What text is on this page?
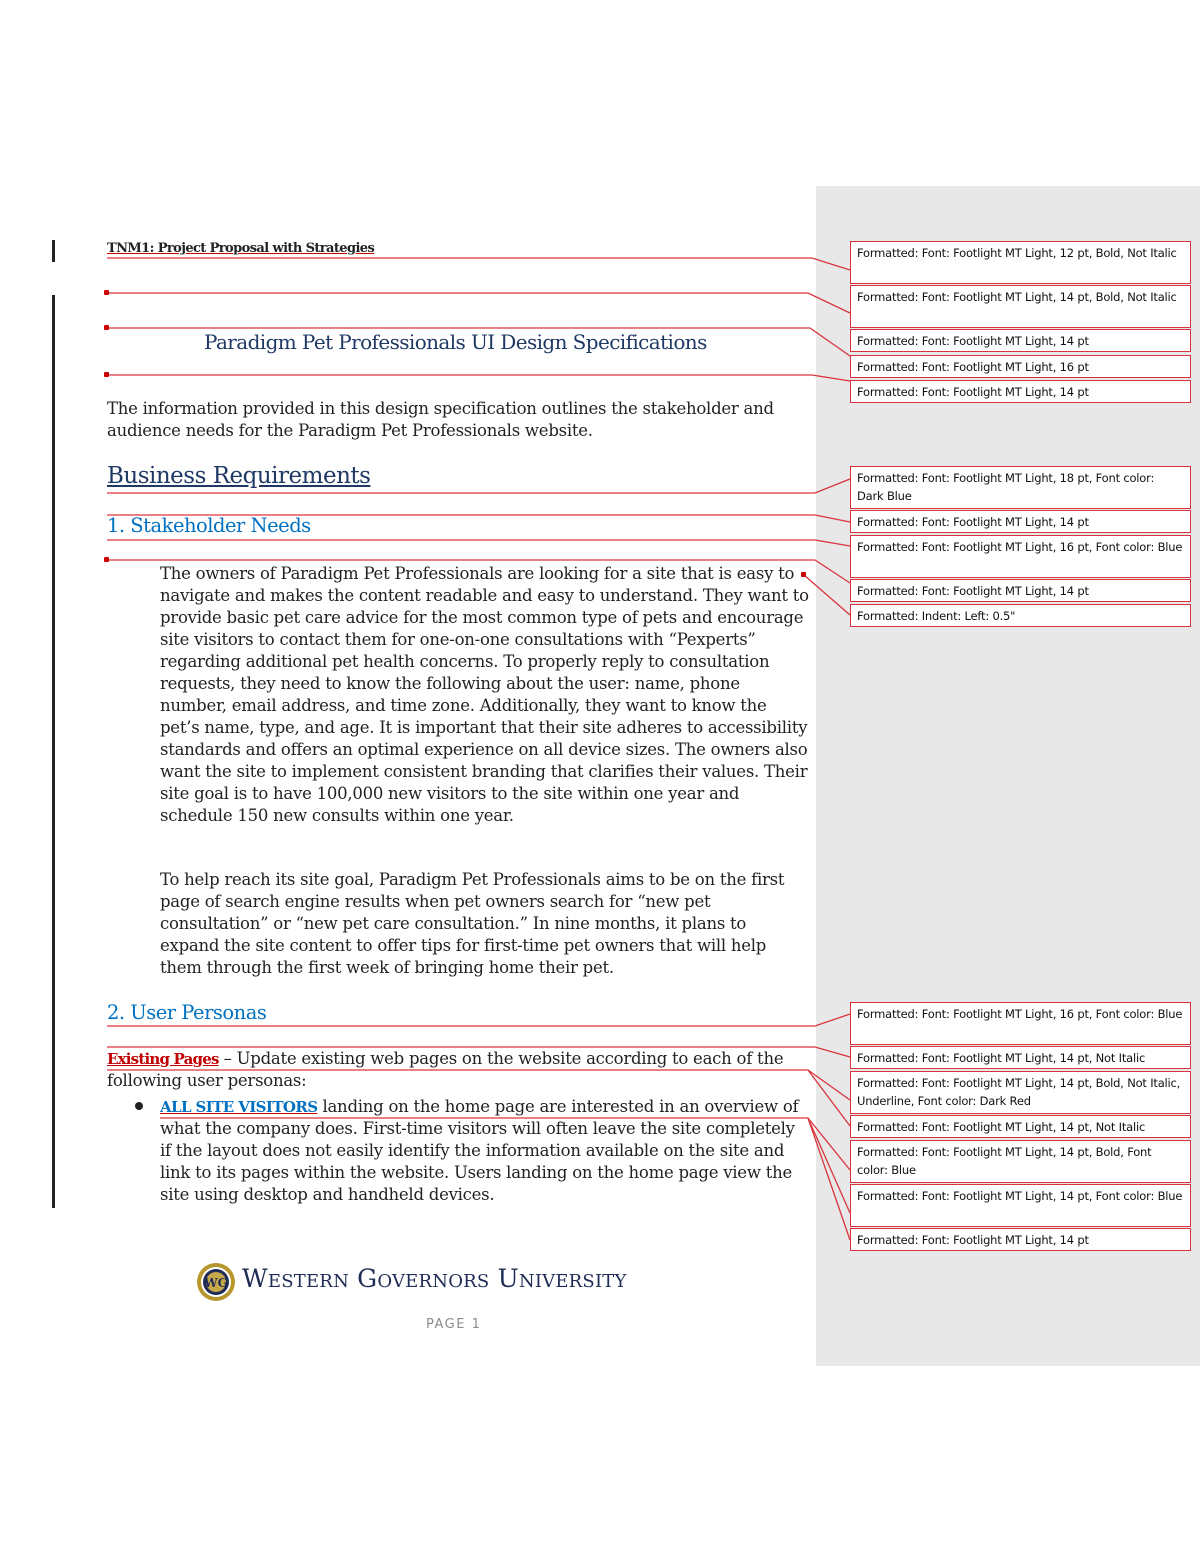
TNM1: Project Proposal with Strategies
Paradigm Pet Professionals UI Design Specifications
The information provided in this design specification outlines the stakeholder and audience needs for the Paradigm Pet Professionals website.
Business Requirements
1. Stakeholder Needs
The owners of Paradigm Pet Professionals are looking for a site that is easy to navigate and makes the content readable and easy to understand. They want to provide basic pet care advice for the most common type of pets and encourage site visitors to contact them for one-on-one consultations with “Pexperts” regarding additional pet health concerns. To properly reply to consultation requests, they need to know the following about the user: name, phone number, email address, and time zone. Additionally, they want to know the pet’s name, type, and age. It is important that their site adheres to accessibility standards and offers an optimal experience on all device sizes. The owners also want the site to implement consistent branding that clarifies their values. Their site goal is to have 100,000 new visitors to the site within one year and schedule 150 new consults within one year.
To help reach its site goal, Paradigm Pet Professionals aims to be on the first page of search engine results when pet owners search for “new pet consultation” or “new pet care consultation.” In nine months, it plans to expand the site content to offer tips for first-time pet owners that will help them through the first week of bringing home their pet.
2. User Personas
Existing Pages – Update existing web pages on the website according to each of the following user personas:
ALL SITE VISITORS landing on the home page are interested in an overview of what the company does. First-time visitors will often leave the site completely if the layout does not easily identify the information available on the site and link to its pages within the website. Users landing on the home page view the site using desktop and handheld devices.
Formatted: Font: Footlight MT Light, 12 pt, Bold, Not Italic
Formatted: Font: Footlight MT Light, 14 pt, Bold, Not Italic
Formatted: Font: Footlight MT Light, 14 pt
Formatted: Font: Footlight MT Light, 16 pt
Formatted: Font: Footlight MT Light, 14 pt
Formatted: Font: Footlight MT Light, 18 pt, Font color: Dark Blue
Formatted: Font: Footlight MT Light, 14 pt
Formatted: Font: Footlight MT Light, 16 pt, Font color: Blue
Formatted: Font: Footlight MT Light, 14 pt
Formatted: Indent: Left: 0.5"
Formatted: Font: Footlight MT Light, 16 pt, Font color: Blue
Formatted: Font: Footlight MT Light, 14 pt, Not Italic
Formatted: Font: Footlight MT Light, 14 pt, Bold, Not Italic, Underline, Font color: Dark Red
Formatted: Font: Footlight MT Light, 14 pt, Not Italic
Formatted: Font: Footlight MT Light, 14 pt, Bold, Font color: Blue
Formatted: Font: Footlight MT Light, 14 pt, Font color: Blue
Formatted: Font: Footlight MT Light, 14 pt
WG Western Governors University
PAGE 1
